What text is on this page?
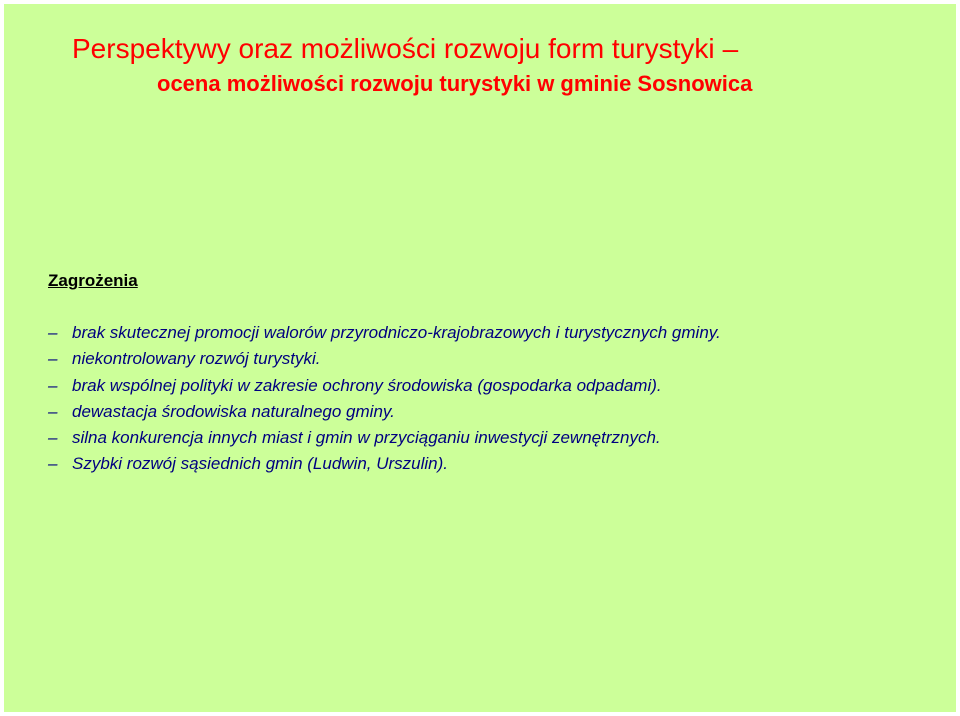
Perspektywy oraz możliwości rozwoju form turystyki –
ocena możliwości rozwoju turystyki w gminie Sosnowica
Zagrożenia
– brak skutecznej promocji walorów przyrodniczo-krajobrazowych i turystycznych gminy.
– niekontrolowany rozwój turystyki.
– brak wspólnej polityki w zakresie ochrony środowiska (gospodarka odpadami).
– dewastacja środowiska naturalnego gminy.
– silna konkurencja innych miast i gmin w przyciąganiu inwestycji zewnętrznych.
– Szybki rozwój sąsiednich gmin (Ludwin, Urszulin).
